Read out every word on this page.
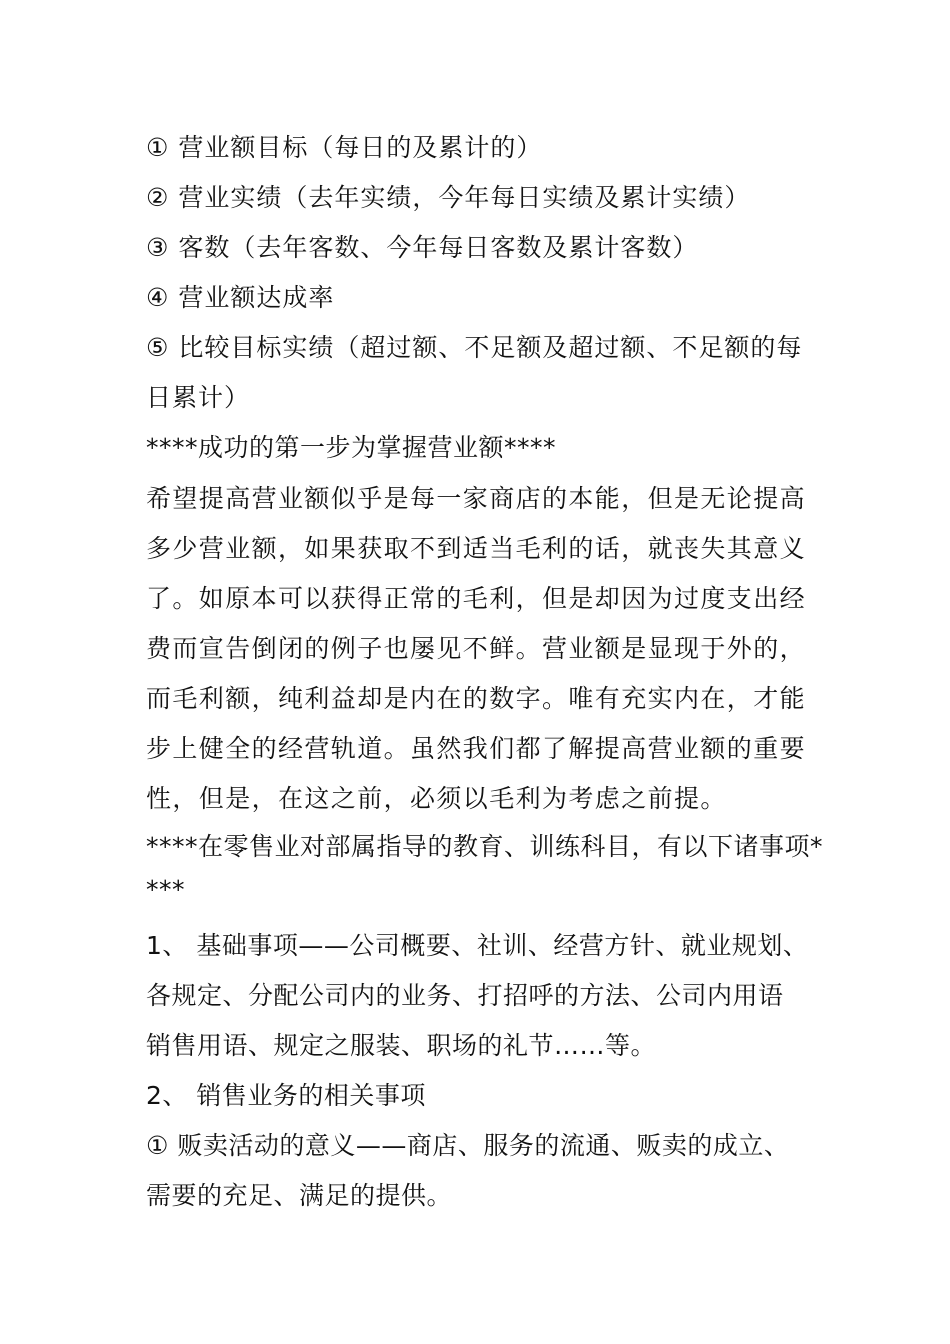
① 营业额目标（每日的及累计的）
② 营业实绩（去年实绩，今年每日实绩及累计实绩）
③ 客数（去年客数、今年每日客数及累计客数）
④ 营业额达成率
⑤ 比较目标实绩（超过额、不足额及超过额、不足额的每
日累计）
****成功的第一步为掌握营业额****
希望提高营业额似乎是每一家商店的本能，但是无论提高
多少营业额，如果获取不到适当毛利的话，就丧失其意义
了。如原本可以获得正常的毛利，但是却因为过度支出经
费而宣告倒闭的例子也屡见不鲜。营业额是显现于外的，
而毛利额，纯利益却是内在的数字。唯有充实内在，才能
步上健全的经营轨道。虽然我们都了解提高营业额的重要
性，但是，在这之前，必须以毛利为考虑之前提。
****在零售业对部属指导的教育、训练科目，有以下诸事项*
***
1、 基础事项——公司概要、社训、经营方针、就业规划、
各规定、分配公司内的业务、打招呼的方法、公司内用语
销售用语、规定之服装、职场的礼节……等。
2、 销售业务的相关事项
① 贩卖活动的意义——商店、服务的流通、贩卖的成立、
需要的充足、满足的提供。
